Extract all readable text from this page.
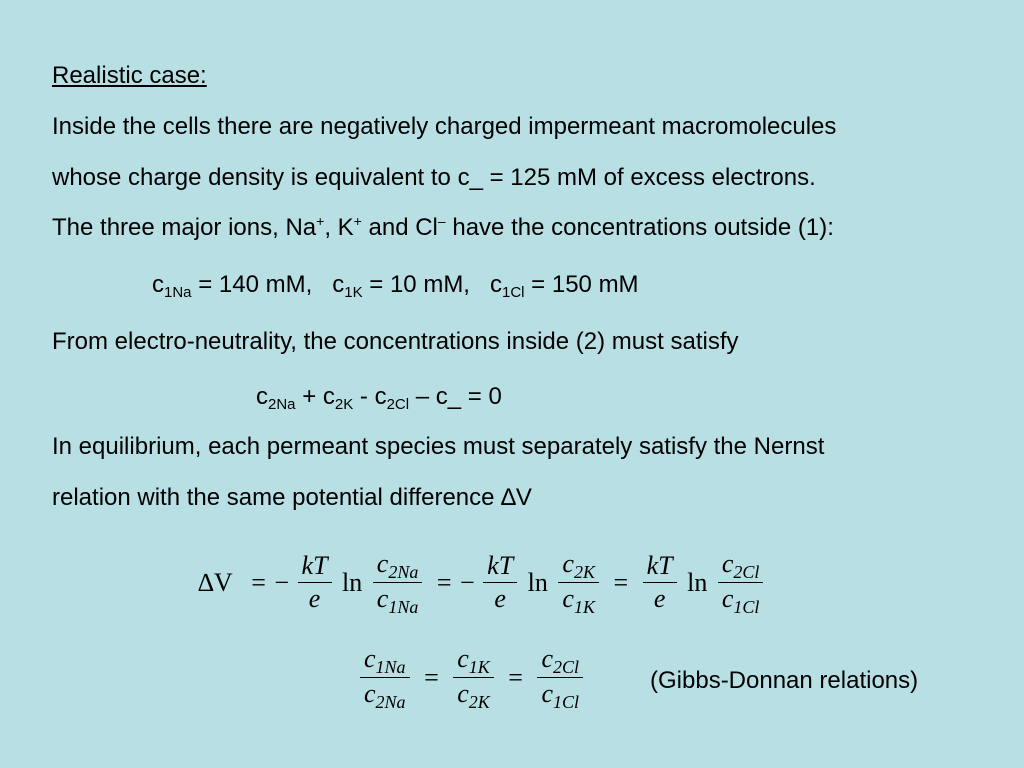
Realistic case:
Inside the cells there are negatively charged impermeant macromolecules
whose charge density is equivalent to c_ = 125 mM of excess electrons.
The three major ions, Na+, K+ and Cl– have the concentrations outside (1):
$c_{1Na} = 140$ mM,   $c_{1K} = 10$ mM,   $c_{1Cl} = 150$ mM
From electro-neutrality, the concentrations inside (2) must satisfy
$c_{2Na} + c_{2K} - c_{2Cl}$ – c_ = 0
In equilibrium, each permeant species must separately satisfy the Nernst
relation with the same potential difference ∆V
∆V = − $\frac{kT}{e}$ $\ln \frac{c_{2Na}}{c_{1Na}}$ = − $\frac{kT}{e}$ $\ln \frac{c_{2K}}{c_{1K}} = \frac{kT}{e}$ $\ln \frac{c_{2Cl}}{c_{1Cl}}$
$\frac{c_{1Na}}{c_{2Na}} = \frac{c_{1K}}{c_{2K}} = \frac{c_{2Cl}}{c_{1Cl}}$	(Gibbs-Donnan relations)
